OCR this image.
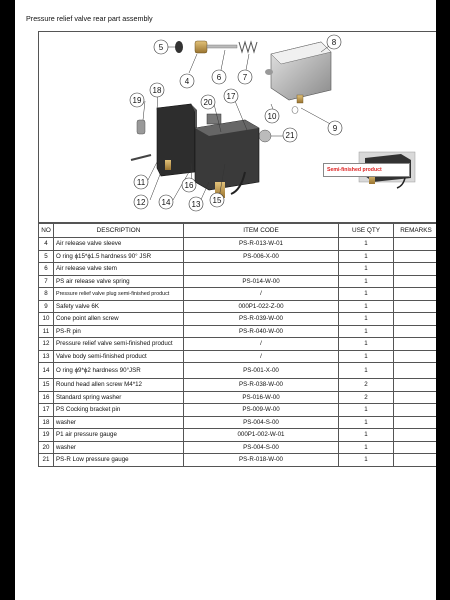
Pressure relief valve rear part assembly
5
4	6	7
8
19
18
20
17
10
9
21
11	16
12 14	13 15
Semi-finished product
NO	DESCRIPTION	ITEM CODE	USE QTY	REMARKS
4	Air release valve sleeve	PS-R-013-W-01	1	
5	O ring ϕ15*ϕ1.5 hardness 90° JSR	PS-006-X-00	1	
6	Air release valve stem		1	
7	PS air release valve spring	PS-014-W-00	1	
8	Pressure relief valve plug semi-finished product	/	1	
9	Safety valve 6K	000P1-022-Z-00	1	
10	Cone point allen screw	PS-R-039-W-00	1	
11	PS-R pin	PS-R-040-W-00	1	
12	Pressure relief valve semi-finished product	/	1	
13	Valve body semi-finished product	/	1	
14	O ring ϕ9*ϕ2 hardness 90°JSR	PS-001-X-00	1	
15	Round head allen screw M4*12	PS-R-038-W-00	2	
16	Standard spring washer	PS-016-W-00	2	
17	PS Cocking bracket pin	PS-009-W-00	1	
18	washer	PS-004-S-00	1	
19	P1 air pressure gauge	000P1-002-W-01	1	
20	washer	PS-004-S-00	1	
21	PS-R Low pressure gauge	PS-R-018-W-00	1	
